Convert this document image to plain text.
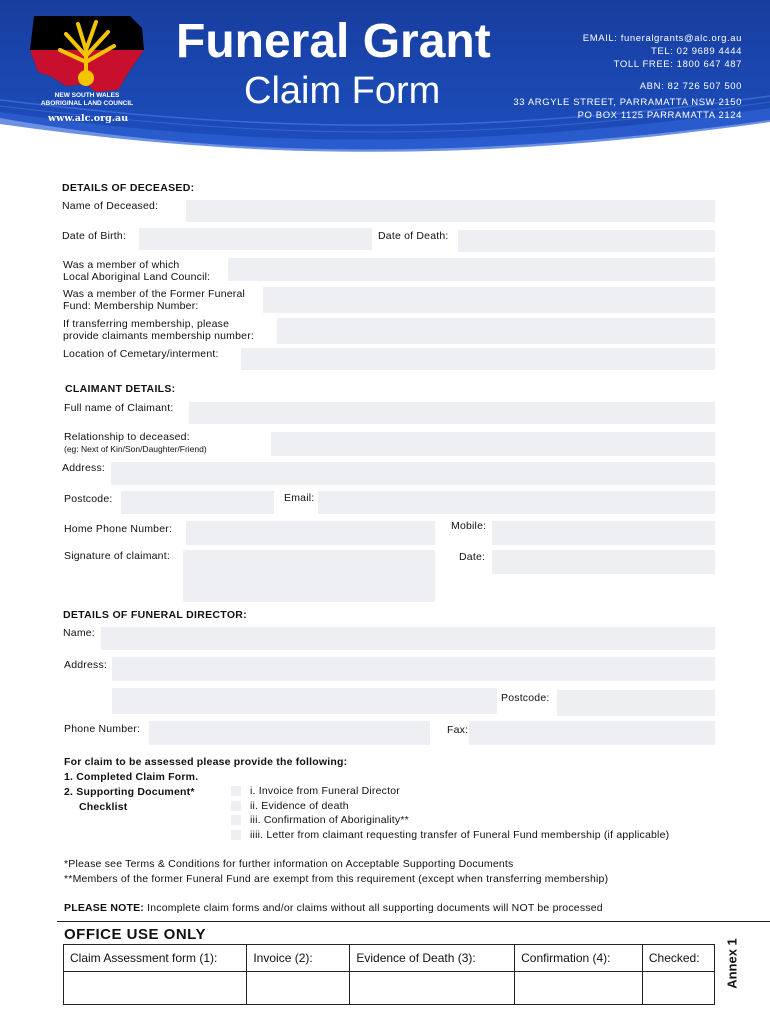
NEW SOUTH WALES
ABORIGINAL LAND COUNCIL
www.alc.org.au
Funeral Grant
Claim Form
EMAIL: funeralgrants@alc.org.au
TEL: 02 9689 4444
TOLL FREE: 1800 647 487
ABN: 82 726 507 500
33 ARGYLE STREET, PARRAMATTA NSW 2150
PO BOX 1125 PARRAMATTA 2124
DETAILS OF DECEASED:
Name of Deceased:
Date of Birth:	Date of Death:
Was a member of which
Local Aboriginal Land Council:
Was a member of the Former Funeral
Fund: Membership Number:
If transferring membership, please
provide claimants membership number:
Location of Cemetary/interment:
CLAIMANT DETAILS:
Full name of Claimant:
Relationship to deceased:
(eg: Next of Kin/Son/Daughter/Friend)
Address:
Postcode:	Email:
Home Phone Number:	Mobile:
Signature of claimant:	Date:
DETAILS OF FUNERAL DIRECTOR:
Name:
Address:
Postcode:
Phone Number:	Fax:
For claim to be assessed please provide the following:
1. Completed Claim Form.
2. Supporting Document*
Checklist
i. Invoice from Funeral Director
ii. Evidence of death
iii. Confirmation of Aboriginality**
iiii. Letter from claimant requesting transfer of Funeral Fund membership (if applicable)
*Please see Terms & Conditions for further information on Acceptable Supporting Documents
**Members of the former Funeral Fund are exempt from this requirement (except when transferring membership)
PLEASE NOTE: Incomplete claim forms and/or claims without all supporting documents will NOT be processed
OFFICE USE ONLY
Claim Assessment form (1):	Invoice (2):	Evidence of Death (3):	Confirmation (4):	Checked:
				Annex 1
